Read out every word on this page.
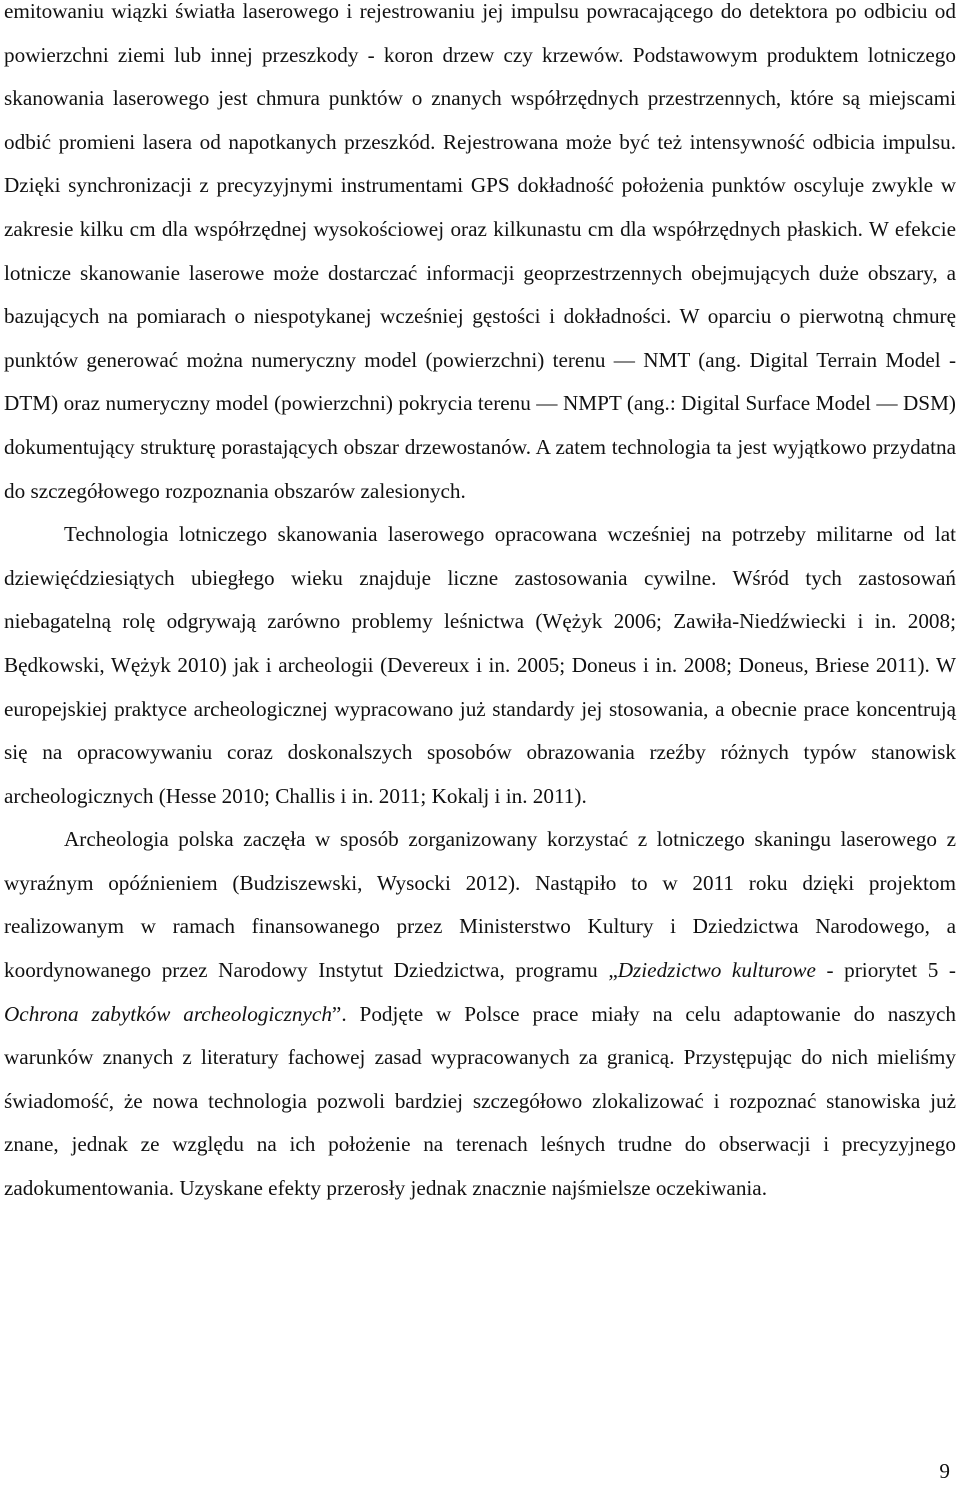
emitowaniu wiązki światła laserowego i rejestrowaniu jej impulsu powracającego do detektora po odbiciu od powierzchni ziemi lub innej przeszkody - koron drzew czy krzewów. Podstawowym produktem lotniczego skanowania laserowego jest chmura punktów o znanych współrzędnych przestrzennych, które są miejscami odbić promieni lasera od napotkanych przeszkód. Rejestrowana może być też intensywność odbicia impulsu. Dzięki synchronizacji z precyzyjnymi instrumentami GPS dokładność położenia punktów oscyluje zwykle w zakresie kilku cm dla współrzędnej wysokościowej oraz kilkunastu cm dla współrzędnych płaskich. W efekcie lotnicze skanowanie laserowe może dostarczać informacji geoprzestrzennych obejmujących duże obszary, a bazujących na pomiarach o niespotykanej wcześniej gęstości i dokładności. W oparciu o pierwotną chmurę punktów generować można numeryczny model (powierzchni) terenu — NMT (ang. Digital Terrain Model - DTM) oraz numeryczny model (powierzchni) pokrycia terenu — NMPT (ang.: Digital Surface Model — DSM) dokumentujący strukturę porastających obszar drzewostanów. A zatem technologia ta jest wyjątkowo przydatna do szczegółowego rozpoznania obszarów zalesionych.

Technologia lotniczego skanowania laserowego opracowana wcześniej na potrzeby militarne od lat dziewięćdziesiątych ubiegłego wieku znajduje liczne zastosowania cywilne. Wśród tych zastosowań niebagatelną rolę odgrywają zarówno problemy leśnictwa (Wężyk 2006; Zawiła-Niedźwiecki i in. 2008; Będkowski, Wężyk 2010) jak i archeologii (Devereux i in. 2005; Doneus i in. 2008; Doneus, Briese 2011). W europejskiej praktyce archeologicznej wypracowano już standardy jej stosowania, a obecnie prace koncentrują się na opracowywaniu coraz doskonalszych sposobów obrazowania rzeźby różnych typów stanowisk archeologicznych (Hesse 2010; Challis i in. 2011; Kokalj i in. 2011).

Archeologia polska zaczęła w sposób zorganizowany korzystać z lotniczego skaningu laserowego z wyraźnym opóźnieniem (Budziszewski, Wysocki 2012). Nastąpiło to w 2011 roku dzięki projektom realizowanym w ramach finansowanego przez Ministerstwo Kultury i Dziedzictwa Narodowego, a koordynowanego przez Narodowy Instytut Dziedzictwa, programu „Dziedzictwo kulturowe - priorytet 5 - Ochrona zabytków archeologicznych”. Podjęte w Polsce prace miały na celu adaptowanie do naszych warunków znanych z literatury fachowej zasad wypracowanych za granicą. Przystępując do nich mieliśmy świadomość, że nowa technologia pozwoli bardziej szczegółowo zlokalizować i rozpoznać stanowiska już znane, jednak ze względu na ich położenie na terenach leśnych trudne do obserwacji i precyzyjnego zadokumentowania. Uzyskane efekty przerosły jednak znacznie najśmielsze oczekiwania.

9
